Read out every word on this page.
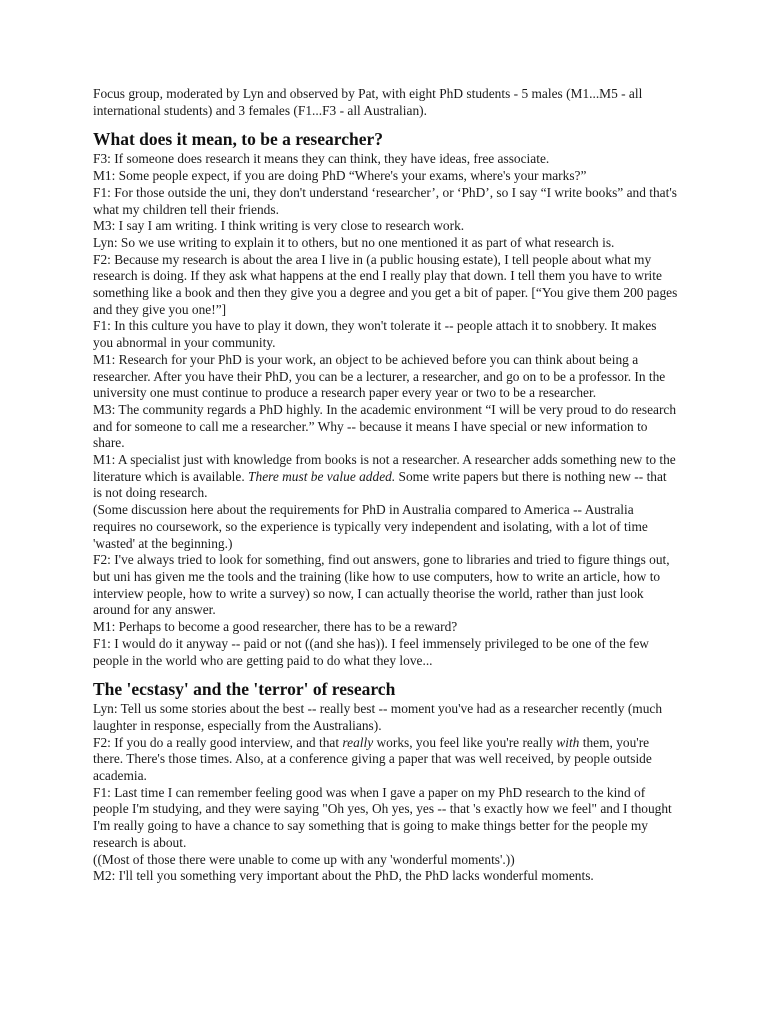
Focus group, moderated by Lyn and observed by Pat, with eight PhD students - 5 males (M1...M5 - all international students) and 3 females (F1...F3 - all Australian).

What does it mean, to be a researcher?

F3: If someone does research it means they can think, they have ideas, free associate.

M1: Some people expect, if you are doing PhD “Where's your exams, where's your marks?”

F1: For those outside the uni, they don't understand ‘researcher’, or ‘PhD’, so I say “I write books” and that's what my children tell their friends.

M3: I say I am writing. I think writing is very close to research work.

Lyn: So we use writing to explain it to others, but no one mentioned it as part of what research is.

F2: Because my research is about the area I live in (a public housing estate), I tell people about what my research is doing. If they ask what happens at the end I really play that down. I tell them you have to write something like a book and then they give you a degree and you get a bit of paper. [“You give them 200 pages and they give you one!”]

F1: In this culture you have to play it down, they won't tolerate it -- people attach it to snobbery. It makes you abnormal in your community.

M1: Research for your PhD is your work, an object to be achieved before you can think about being a researcher. After you have their PhD, you can be a lecturer, a researcher, and go on to be a professor. In the university one must continue to produce a research paper every year or two to be a researcher.

M3: The community regards a PhD highly. In the academic environment “I will be very proud to do research and for someone to call me a researcher.” Why -- because it means I have special or new information to share.

M1: A specialist just with knowledge from books is not a researcher. A researcher adds something new to the literature which is available. There must be value added. Some write papers but there is nothing new -- that is not doing research.

(Some discussion here about the requirements for PhD in Australia compared to America -- Australia requires no coursework, so the experience is typically very independent and isolating, with a lot of time 'wasted' at the beginning.)

F2: I've always tried to look for something, find out answers, gone to libraries and tried to figure things out, but uni has given me the tools and the training (like how to use computers, how to write an article, how to interview people, how to write a survey) so now, I can actually theorise the world, rather than just look around for any answer.

M1: Perhaps to become a good researcher, there has to be a reward?

F1: I would do it anyway -- paid or not ((and she has)). I feel immensely privileged to be one of the few people in the world who are getting paid to do what they love...

The 'ecstasy' and the 'terror' of research

Lyn: Tell us some stories about the best -- really best -- moment you've had as a researcher recently (much laughter in response, especially from the Australians).

F2: If you do a really good interview, and that really works, you feel like you're really with them, you're there. There's those times. Also, at a conference giving a paper that was well received, by people outside academia.

F1: Last time I can remember feeling good was when I gave a paper on my PhD research to the kind of people I'm studying, and they were saying "Oh yes, Oh yes, yes -- that 's exactly how we feel" and I thought I'm really going to have a chance to say something that is going to make things better for the people my research is about.

((Most of those there were unable to come up with any 'wonderful moments'.))

M2: I'll tell you something very important about the PhD, the PhD lacks wonderful moments.
